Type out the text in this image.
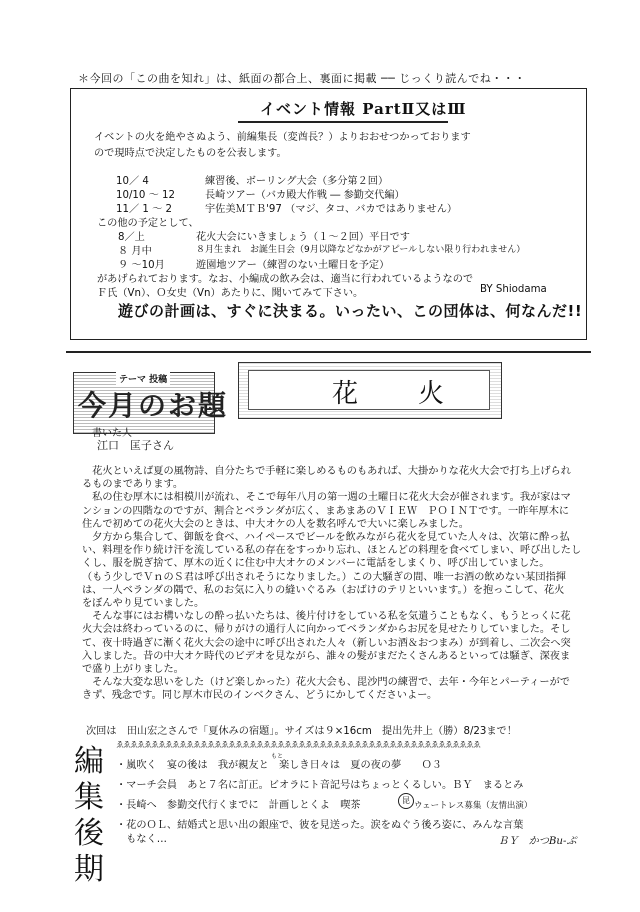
＊今回の「この曲を知れ」は、紙面の都合上、裏面に掲載 ── じっくり読んでね・・・
イベント情報 PartⅡ又はⅢ
イベントの火を絶やさぬよう、前編集長（変酋長？）よりおおせつかっております
ので現時点で決定したものを公表します。
10／ 4	練習後、ボーリング大会（多分第２回）
10/10 ～ 12	長崎ツアー（バカ殿大作戦 ― 参勤交代編）
11／ 1 ～ 2	宇佐美ＭＴＢ'97 （マジ、タコ、バカではありません）
この他の予定として、
8／上	花火大会にいきましょう（１～２回）平日です
８ 月中	８月生まれ　お誕生日会（9月以降などなかがアピールしない限り行われません）
９ ～10月	遊園地ツアー（練習のない土曜日を予定）
があげられております。なお、小編成の飲み会は、適当に行われているようなので
Ｆ氏（Vn）、Ｏ女史（Vn）あたりに、聞いてみて下さい。	BY Shiodama
遊びの計画は、すぐに決まる。いったい、この団体は、何なんだ!!
テーマ 投稿
今月のお題	花火
書いた人
江口　匡子さん

　花火といえば夏の風物詩、自分たちで手軽に楽しめるものもあれば、大掛かりな花火大会で打ち上げられ

るものまであります。

　私の住む厚木には相模川が流れ、そこで毎年八月の第一週の土曜日に花火大会が催されます。我が家はマ

ンションの四階なのですが、割合とベランダが広く、まあまあのＶＩＥＷ　ＰＯＩＮＴです。一昨年厚木に

住んで初めての花火大会のときは、中大オケの人を数名呼んで大いに楽しみました。

　夕方から集合して、御飯を食べ、ハイペースでビールを飲みながら花火を見ていた人々は、次第に酔っ払

い、料理を作り続け汗を流している私の存在をすっかり忘れ、ほとんどの料理を食べてしまい、呼び出したし

くし、服を脱ぎ捨て、厚木の近くに住む中大オケのメンバーに電話をしまくり、呼び出していました。

（もう少しでＶｎのＳ君は呼び出されそうになりました。）この大騒ぎの間、唯一お酒の飲めない某団指揮

は、一人ベランダの隅で、私のお気に入りの縫いぐるみ（おばけのテリといいます。）を抱っこして、花火

をぼんやり見ていました。

　そんな事にはお構いなしの酔っ払いたちは、後片付けをしている私を気遣うこともなく、もうとっくに花

火大会は終わっているのに、帰りがけの通行人に向かってベランダからお尻を見せたりしていました。そし

て、夜十時過ぎに漸く花火大会の途中に呼び出された人々（新しいお酒＆おつまみ）が到着し、二次会へ突

入しました。昔の中大オケ時代のビデオを見ながら、誰々の髪がまだたくさんあるといっては騒ぎ、深夜ま

で盛り上がりました。

　そんな大変な思いをした（けど楽しかった）花火大会も、毘沙門の練習で、去年・今年とパーティーがで

きず、残念です。同じ厚木市民のインベクさん、どうにかしてくださいよー。

次回は　田山宏之さんで「夏休みの宿題」。サイズは９×16cm　提出先井上（勝）8/23まで！
ゑゑゑゑゑゑゑゑゑゑゑゑゑゑゑゑゑゑゑゑゑゑゑゑゑゑゑゑゑゑゑゑゑゑゑゑゑゑゑゑゑゑゑゑゑゑゑゑゑゑゑゑ
編集後期
・嵐吹く　宴の後は　我が親友と　楽しき日々は　夏の夜の夢　　Ｏ３
・マーチ会員　あと７名に訂正。ビオラにト音記号はちょっとくるしい。ＢＹ　まるとみ
・長崎へ　参勤交代行くまでに　計画しとくよ　喫茶
もと
昆
ウェートレス募集（友情出演）
・花のＯＬ、結婚式と思い出の銀座で、彼を見送った。涙をぬぐう後ろ姿に、みんな言葉
　もなく…	ＢＹ　かつBu-ぷ
